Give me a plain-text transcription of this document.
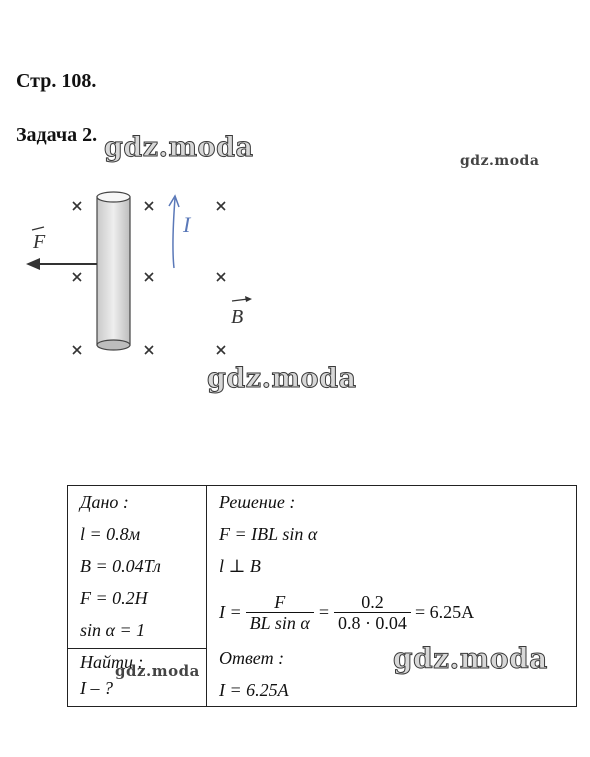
Стр. 108.
Задача 2. gdz.moda	gdz.moda
gdz.moda
gdz.moda	gdz.moda
F
I
B
Дано :
l = 0.8м
B = 0.04Тл
F = 0.2H
sin α = 1

Решение :
F = IBL sin α
l ⊥ B
$I = \frac{F}{\text{BL sin α}} = \frac{0.2}{0.8 \cdot 0.04} = 6.25A$
Ответ :
I = 6.25A

Найти :
I – ?
